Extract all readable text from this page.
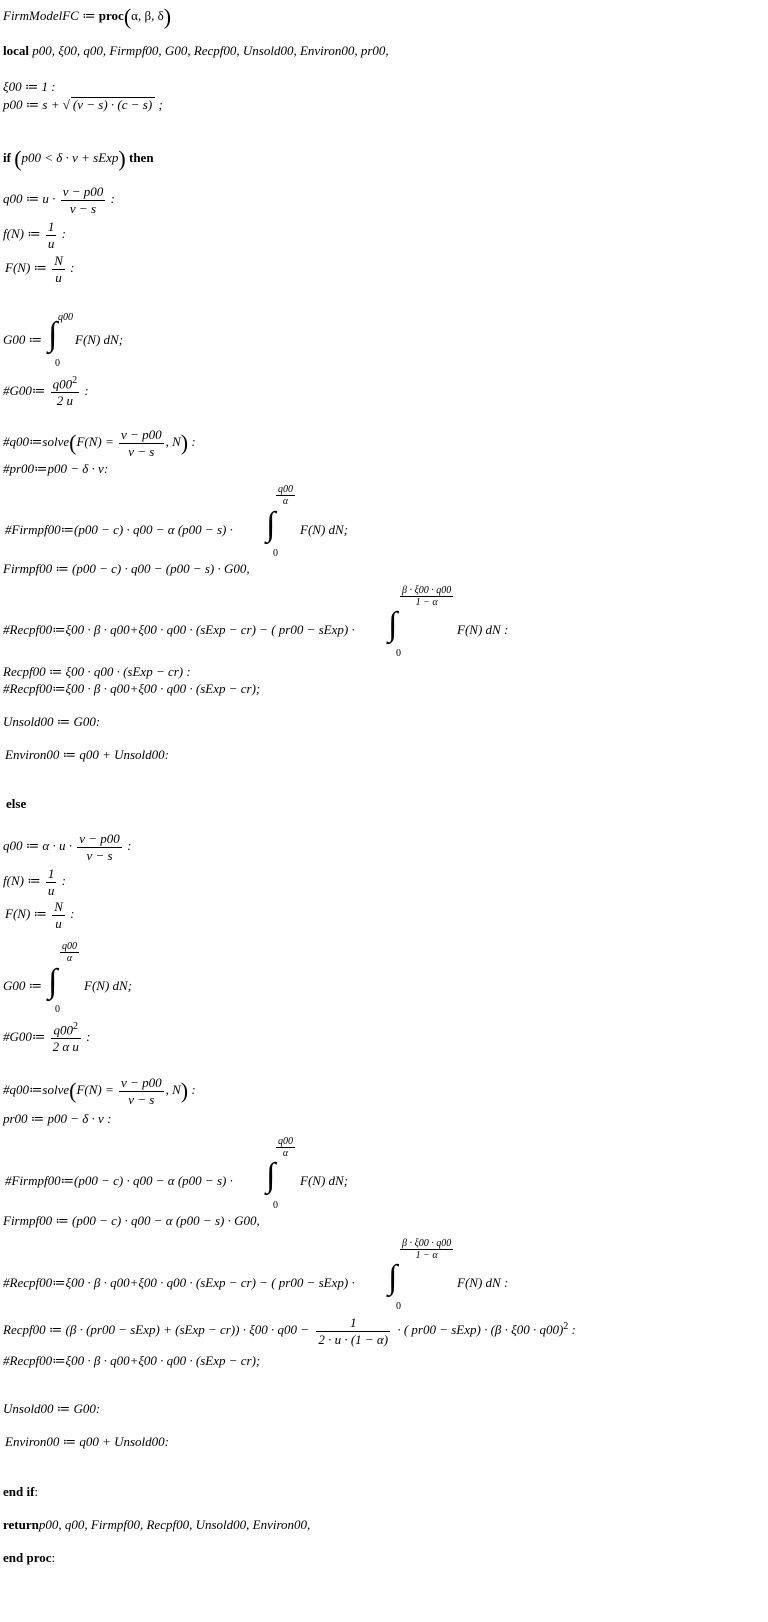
FirmModelFC ≔ proc(α, β, δ)
local p00, ξ00, q00, Firmpf00, G00, Recpf00, Unsold00, Environ00, pr00,
ξ00 ≔ 1 :
p00 ≔ s + √ (ν − s) · (c − s) ;
if (p00 < δ · ν + sExp) then
q00 ≔ $u \cdot \frac{\nu - p00}{\nu - s}$ :
f(N) ≔ $\frac{1}{u}$ :
F(N) ≔ $\frac{N}{u}$ :
G00 ≔ ∫ q00
0
F(N) dN;
#G00≔ $\frac{q00^2}{2 u}$ :
#q00≔solve(F(N) = $\frac{\nu - p00}{\nu - s}$ , N) :
#pr00≔p00 − δ · ν:
#Firmpf00≔(p00 − c) · q00 − α (p00 − s) ·
q00
α
∫
0
F(N) dN;
Firmpf00 ≔ (p00 − c) · q00 − (p00 − s) · G00,
#Recpf00≔ξ00 · β · q00+ξ00 · q00 · (sExp − cr) − ( pr00 − sExp) ·
β · ξ00 · q00
1 − α
∫
0
F(N) dN :
Recpf00 ≔ ξ00 · q00 · (sExp − cr) :
#Recpf00≔ξ00 · β · q00+ξ00 · q00 · (sExp − cr);
Unsold00 ≔ G00:
Environ00 ≔ q00 + Unsold00:
else
q00 ≔ $\alpha \cdot u \cdot \frac{\nu - p00}{\nu - s}$ :
f(N) ≔ $\frac{1}{u}$ :
F(N) ≔ $\frac{N}{u}$ :
G00 ≔
q00
α
∫
0
F(N) dN;
#G00≔ $\frac{q00^2}{\text{2 α u}}$ :
#q00≔solve(F(N) = $\frac{\nu - p00}{\nu - s}$ , N) :
pr00 ≔ p00 − δ · ν :
#Firmpf00≔(p00 − c) · q00 − α (p00 − s) ·
q00
α
∫
0
F(N) dN;
Firmpf00 ≔ (p00 − c) · q00 − α (p00 − s) · G00,
#Recpf00≔ξ00 · β · q00+ξ00 · q00 · (sExp − cr) − ( pr00 − sExp) ·
β · ξ00 · q00
1 − α
∫
0
F(N) dN :
Recpf00 ≔ (β · (pr00 − sExp) + (sExp − $cr)) \cdot \xi 00 \cdot q00 - \frac{1}{2 \cdot u \cdot (1 - \alpha)}$ · ( pr00 − sExp) · $(\beta \cdot \xi 00 \cdot q00)^2$ :
#Recpf00≔ξ00 · β · q00+ξ00 · q00 · (sExp − cr);
Unsold00 ≔ G00:
Environ00 ≔ q00 + Unsold00:
end if:
returnp00, q00, Firmpf00, Recpf00, Unsold00, Environ00,
end proc:
